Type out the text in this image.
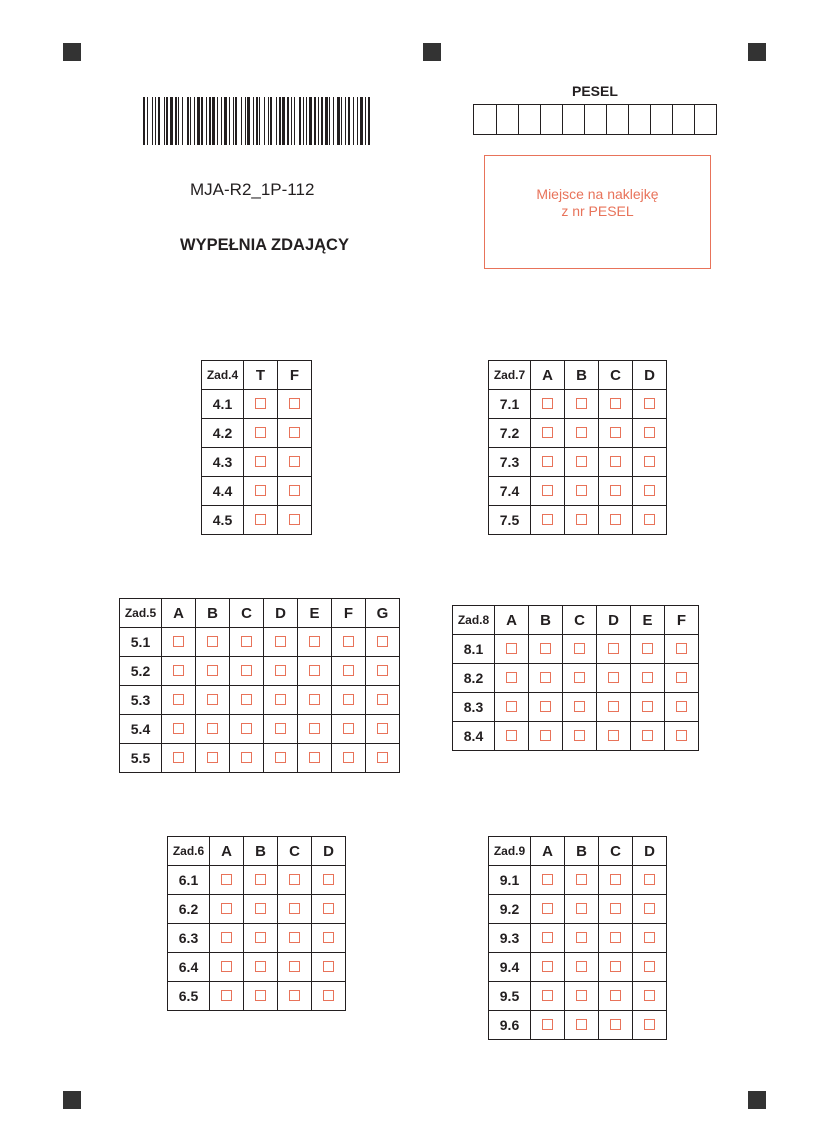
MJA-R2_1P-112
WYPEŁNIA ZDAJĄCY
PESEL
Miejsce na naklejkę
z nr PESEL
Zad.4	T	F
4.1		
4.2		
4.3		
4.4		
4.5		
Zad.7	A	B	C	D
7.1				
7.2				
7.3				
7.4				
7.5				
Zad.5	A	B	C	D	E	F	G
5.1							
5.2							
5.3							
5.4							
5.5							
Zad.8	A	B	C	D	E	F
8.1						
8.2						
8.3						
8.4						
Zad.6	A	B	C	D
6.1				
6.2				
6.3				
6.4				
6.5				
Zad.9	A	B	C	D
9.1				
9.2				
9.3				
9.4				
9.5				
9.6				
